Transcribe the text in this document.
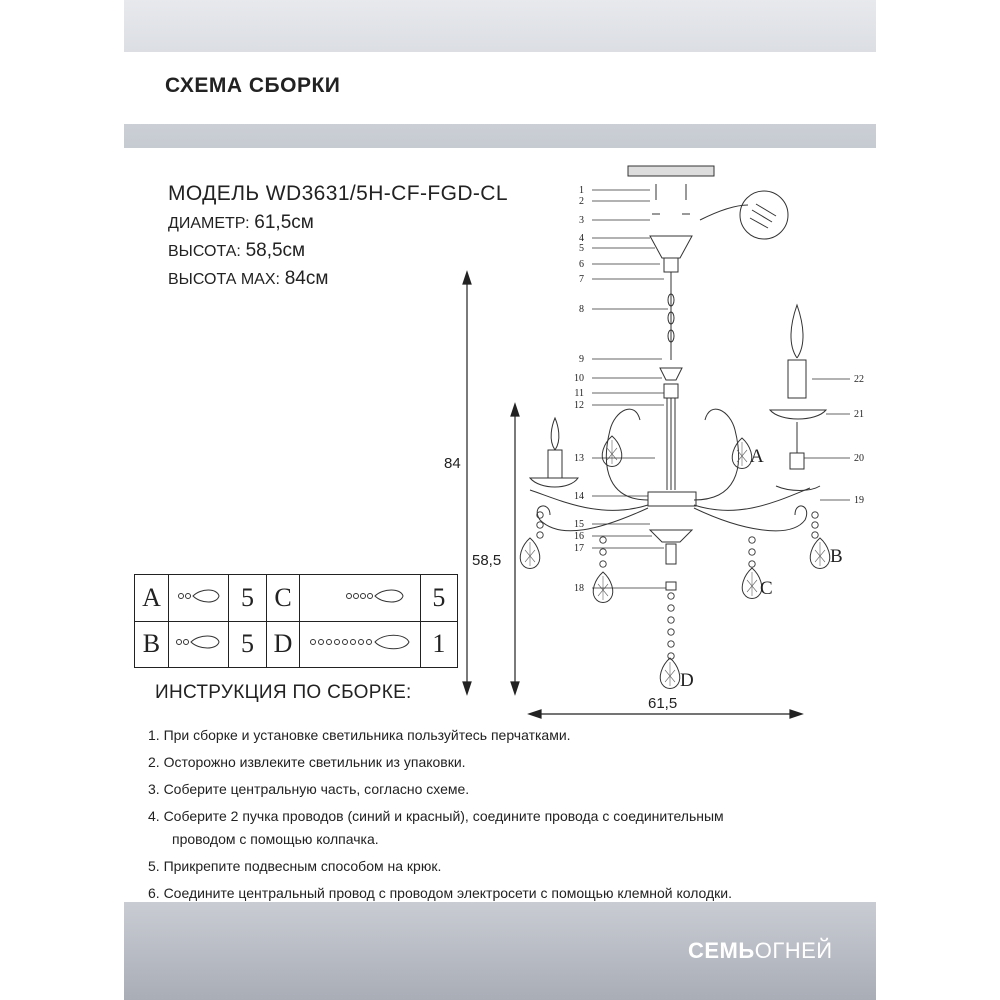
СХЕМА СБОРКИ
МОДЕЛЬ WD3631/5H-CF-FGD-CL
ДИАМЕТР: 61,5см
ВЫСОТА: 58,5см
ВЫСОТА MAX: 84см
1
2
3
4
5
6
7
8
9
10
11
12
13
14
15
16
17
18
19
20
21
22
A
B
C
D
84
58,5
61,5
A		5	C		5
B		5	D		1
ИНСТРУКЦИЯ ПО СБОРКЕ:
1. При сборке и установке светильника пользуйтесь перчатками.
2. Осторожно извлеките светильник из упаковки.
3. Соберите центральную часть, согласно схеме.
4. Соберите 2 пучка проводов (синий и красный), соедините провода с соединительным
проводом с помощью колпачка.
5. Прикрепите подвесным способом на крюк.
6. Соедините центральный провод с проводом электросети с помощью клемной колодки.
СЕМЬОГНЕЙ
